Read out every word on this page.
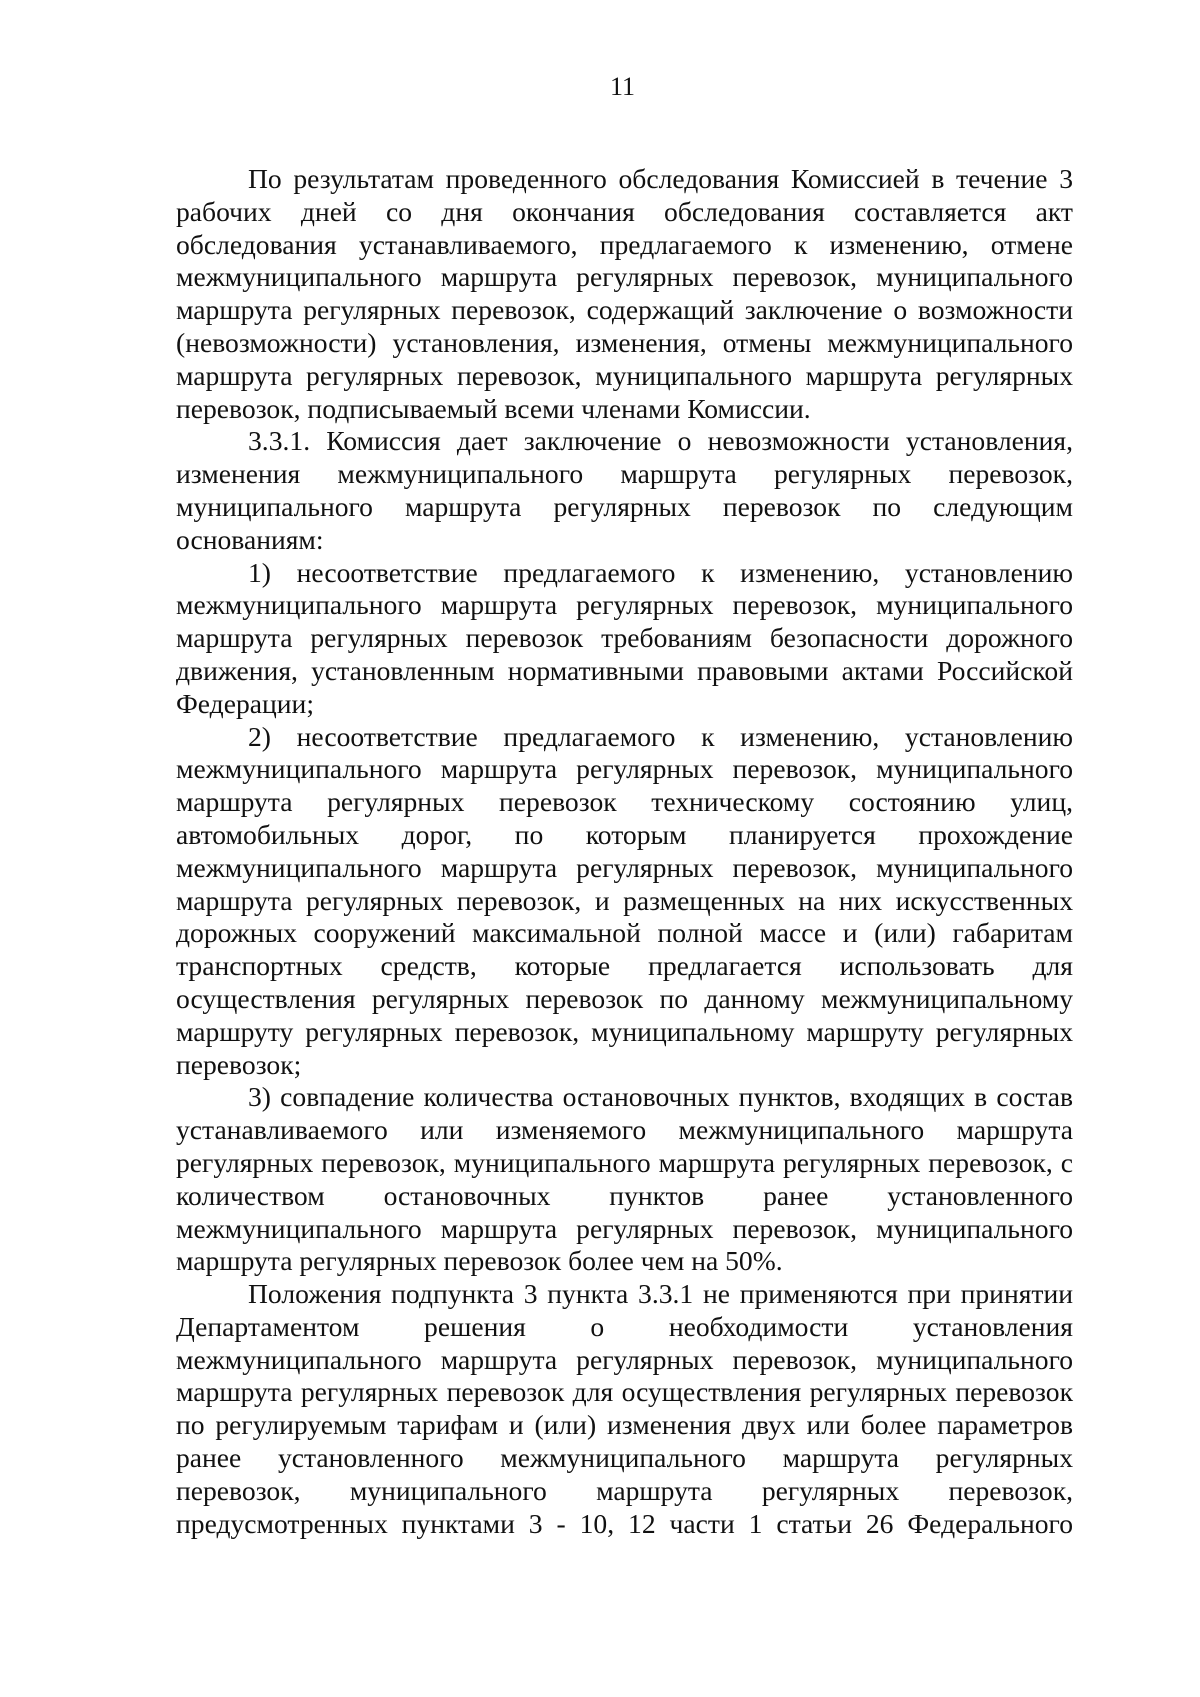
11

По результатам проведенного обследования Комиссией в течение 3 рабочих дней со дня окончания обследования составляется акт обследования устанавливаемого, предлагаемого к изменению, отмене межмуниципального маршрута регулярных перевозок, муниципального маршрута регулярных перевозок, содержащий заключение о возможности (невозможности) установления, изменения, отмены межмуниципального маршрута регулярных перевозок, муниципального маршрута регулярных перевозок, подписываемый всеми членами Комиссии.

3.3.1. Комиссия дает заключение о невозможности установления, изменения межмуниципального маршрута регулярных перевозок, муниципального маршрута регулярных перевозок по следующим основаниям:

1) несоответствие предлагаемого к изменению, установлению межмуниципального маршрута регулярных перевозок, муниципального маршрута регулярных перевозок требованиям безопасности дорожного движения, установленным нормативными правовыми актами Российской Федерации;

2) несоответствие предлагаемого к изменению, установлению межмуниципального маршрута регулярных перевозок, муниципального маршрута регулярных перевозок техническому состоянию улиц, автомобильных дорог, по которым планируется прохождение межмуниципального маршрута регулярных перевозок, муниципального маршрута регулярных перевозок, и размещенных на них искусственных дорожных сооружений максимальной полной массе и (или) габаритам транспортных средств, которые предлагается использовать для осуществления регулярных перевозок по данному межмуниципальному маршруту регулярных перевозок, муниципальному маршруту регулярных перевозок;

3) совпадение количества остановочных пунктов, входящих в состав устанавливаемого или изменяемого межмуниципального маршрута регулярных перевозок, муниципального маршрута регулярных перевозок, с количеством остановочных пунктов ранее установленного межмуниципального маршрута регулярных перевозок, муниципального маршрута регулярных перевозок более чем на 50%.

Положения подпункта 3 пункта 3.3.1 не применяются при принятии Департаментом решения о необходимости установления межмуниципального маршрута регулярных перевозок, муниципального маршрута регулярных перевозок для осуществления регулярных перевозок по регулируемым тарифам и (или) изменения двух или более параметров ранее установленного межмуниципального маршрута регулярных перевозок, муниципального маршрута регулярных перевозок, предусмотренных пунктами 3 - 10, 12 части 1 статьи 26 Федерального
